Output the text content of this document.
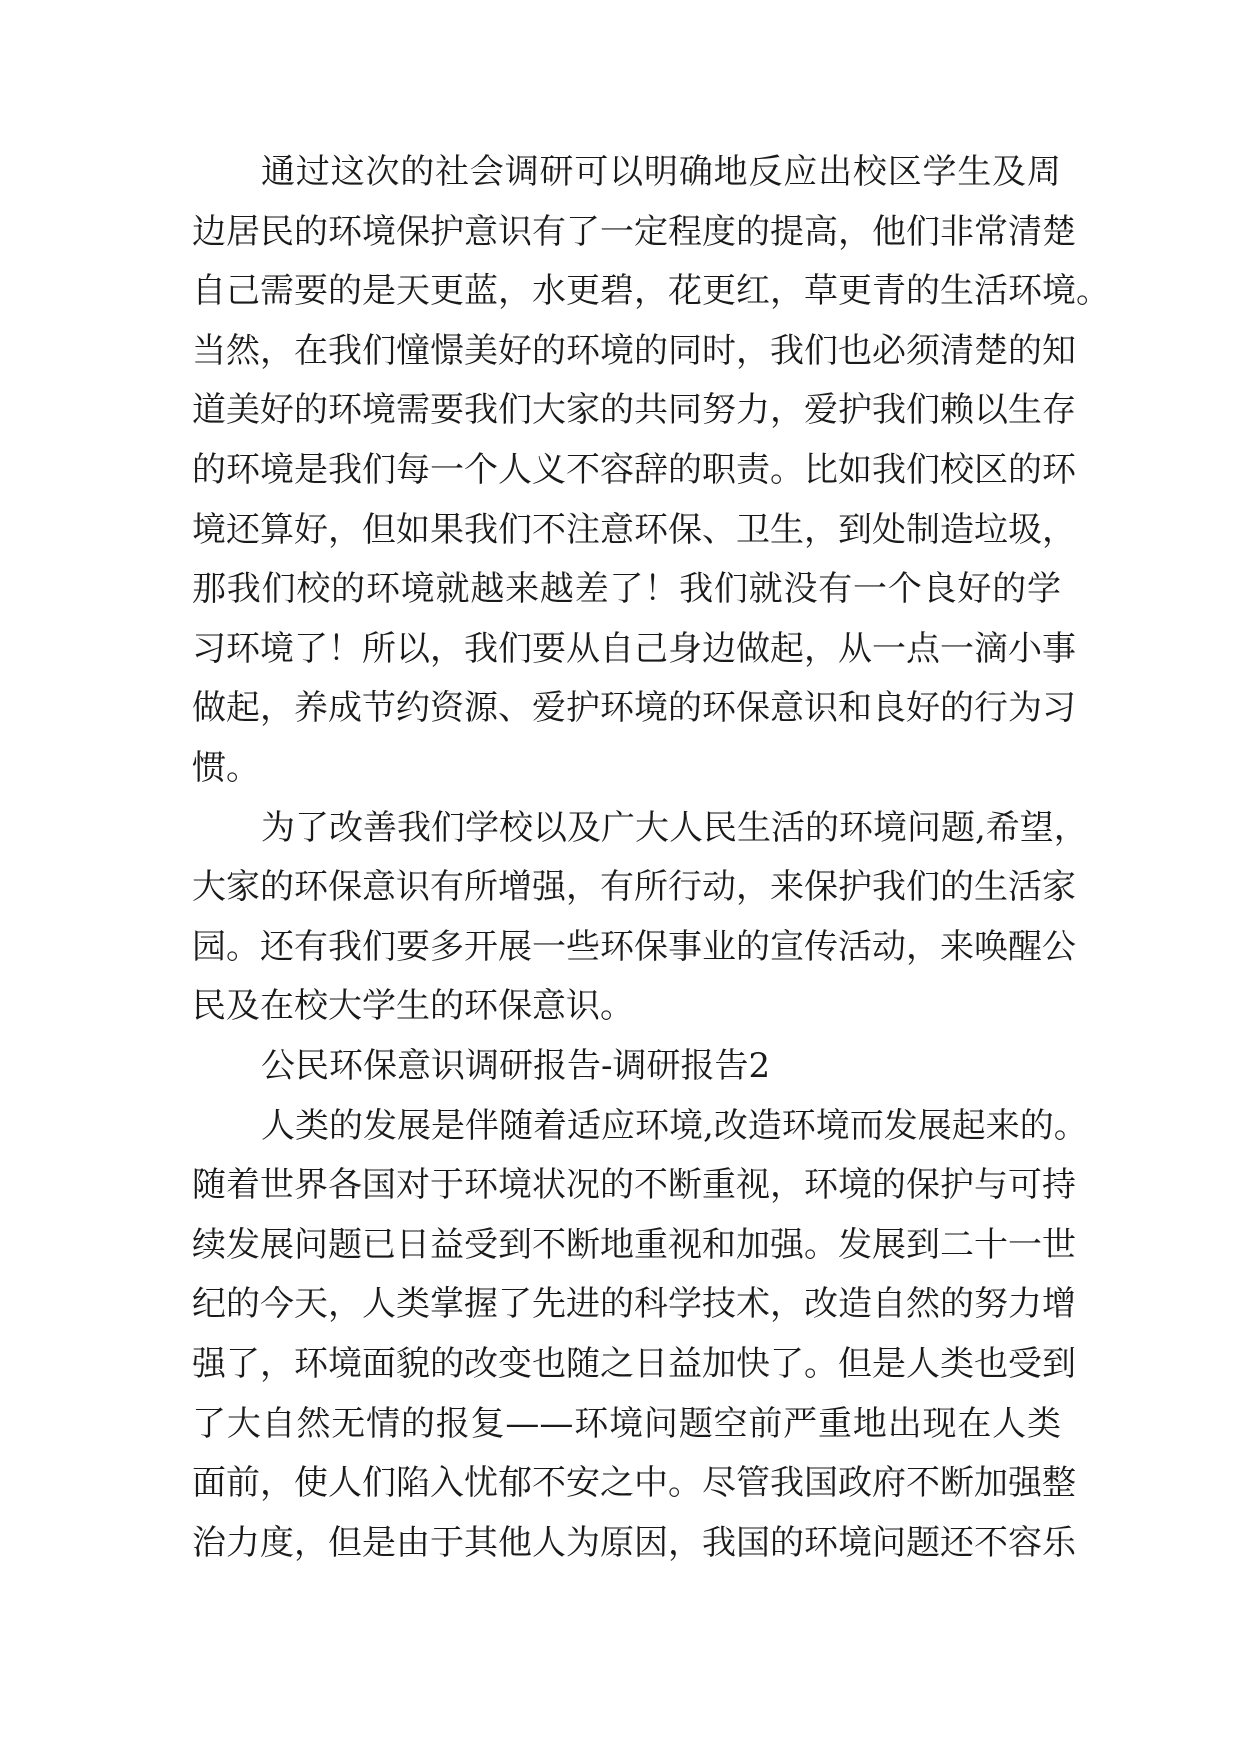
通过这次的社会调研可以明确地反应出校区学生及周
边居民的环境保护意识有了一定程度的提高，他们非常清楚
自己需要的是天更蓝，水更碧，花更红，草更青的生活环境。
当然，在我们憧憬美好的环境的同时，我们也必须清楚的知
道美好的环境需要我们大家的共同努力，爱护我们赖以生存
的环境是我们每一个人义不容辞的职责。比如我们校区的环
境还算好，但如果我们不注意环保、卫生，到处制造垃圾，
那我们校的环境就越来越差了！我们就没有一个良好的学
习环境了！所以，我们要从自己身边做起，从一点一滴小事
做起，养成节约资源、爱护环境的环保意识和良好的行为习
惯。
为了改善我们学校以及广大人民生活的环境问题,希望，
大家的环保意识有所增强，有所行动，来保护我们的生活家
园。还有我们要多开展一些环保事业的宣传活动，来唤醒公
民及在校大学生的环保意识。
公民环保意识调研报告-调研报告2
人类的发展是伴随着适应环境,改造环境而发展起来的。
随着世界各国对于环境状况的不断重视，环境的保护与可持
续发展问题已日益受到不断地重视和加强。发展到二十一世
纪的今天，人类掌握了先进的科学技术，改造自然的努力增
强了，环境面貌的改变也随之日益加快了。但是人类也受到
了大自然无情的报复——环境问题空前严重地出现在人类
面前，使人们陷入忧郁不安之中。尽管我国政府不断加强整
治力度，但是由于其他人为原因，我国的环境问题还不容乐
